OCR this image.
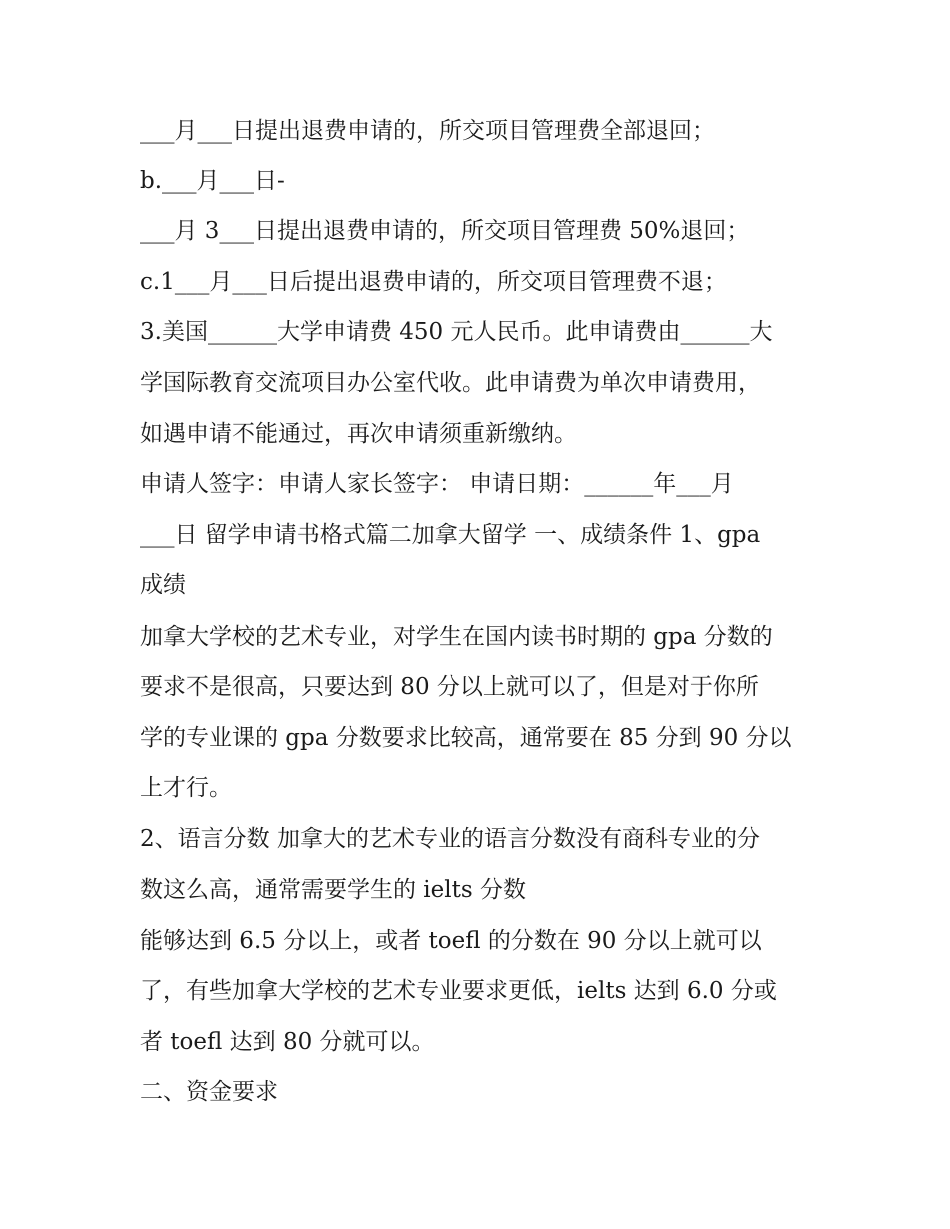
___月___日提出退费申请的，所交项目管理费全部退回；
b.___月___日-
___月 3___日提出退费申请的，所交项目管理费 50%退回；
c.1___月___日后提出退费申请的，所交项目管理费不退；
3.美国______大学申请费 450 元人民币。此申请费由______大
学国际教育交流项目办公室代收。此申请费为单次申请费用，
如遇申请不能通过，再次申请须重新缴纳。
申请人签字：申请人家长签字： 申请日期：______年___月
___日 留学申请书格式篇二加拿大留学 一、成绩条件 1、gpa
成绩
加拿大学校的艺术专业，对学生在国内读书时期的 gpa 分数的
要求不是很高，只要达到 80 分以上就可以了，但是对于你所
学的专业课的 gpa 分数要求比较高，通常要在 85 分到 90 分以
上才行。
2、语言分数 加拿大的艺术专业的语言分数没有商科专业的分
数这么高，通常需要学生的 ielts 分数
能够达到 6.5 分以上，或者 toefl 的分数在 90 分以上就可以
了，有些加拿大学校的艺术专业要求更低，ielts 达到 6.0 分或
者 toefl 达到 80 分就可以。
二、资金要求
